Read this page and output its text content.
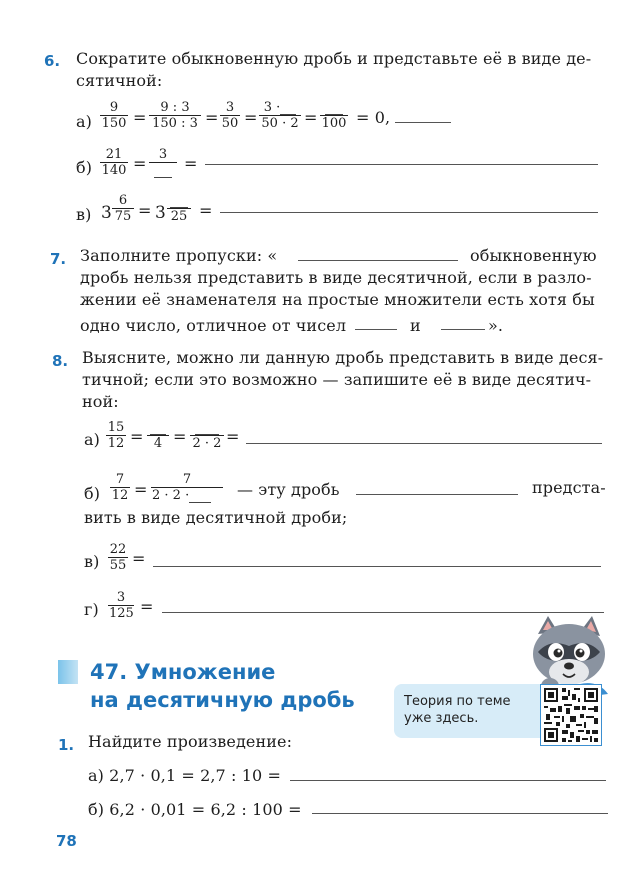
6. Сократите обыкновенную дробь и представьте её в виде де-
сятичной:
$а) \frac{9}{150} = \frac{9 : 3}{150 : 3} = \frac{3}{50} = \frac{3 \cdot}{50 \cdot 2} = 100 = 0$,
$б) \frac{21}{140} = 3$	=
в) $3 \frac{6}{75} = 3$ 25 =
7. Заполните пропуски: «	обыкновенную
дробь нельзя представить в виде десятичной, если в разло-
жении её знаменателя на простые множители есть хотя бы
одно число, отличное от чисел	и	».
8. Выясните, можно ли данную дробь представить в виде деся-
тичной; если это возможно — запишите её в виде десятич-
ной:
$а) \frac{15}{12} = 4 = 2 \cdot 2$ =
$б) \frac{7}{12} = \frac{7}{2 \cdot 2 \cdot}$ — эту дробь	предста-
вить в виде десятичной дроби;
$в) \frac{22}{55}$ =
$г) \frac{3}{125}$ =
47. Умножение
на десятичную дробь	Теория по теме
уже здесь.
1. Найдите произведение:
а) 2,7 · 0,1 = 2,7 : 10 =
б) 6,2 · 0,01 = 6,2 : 100 =
78
